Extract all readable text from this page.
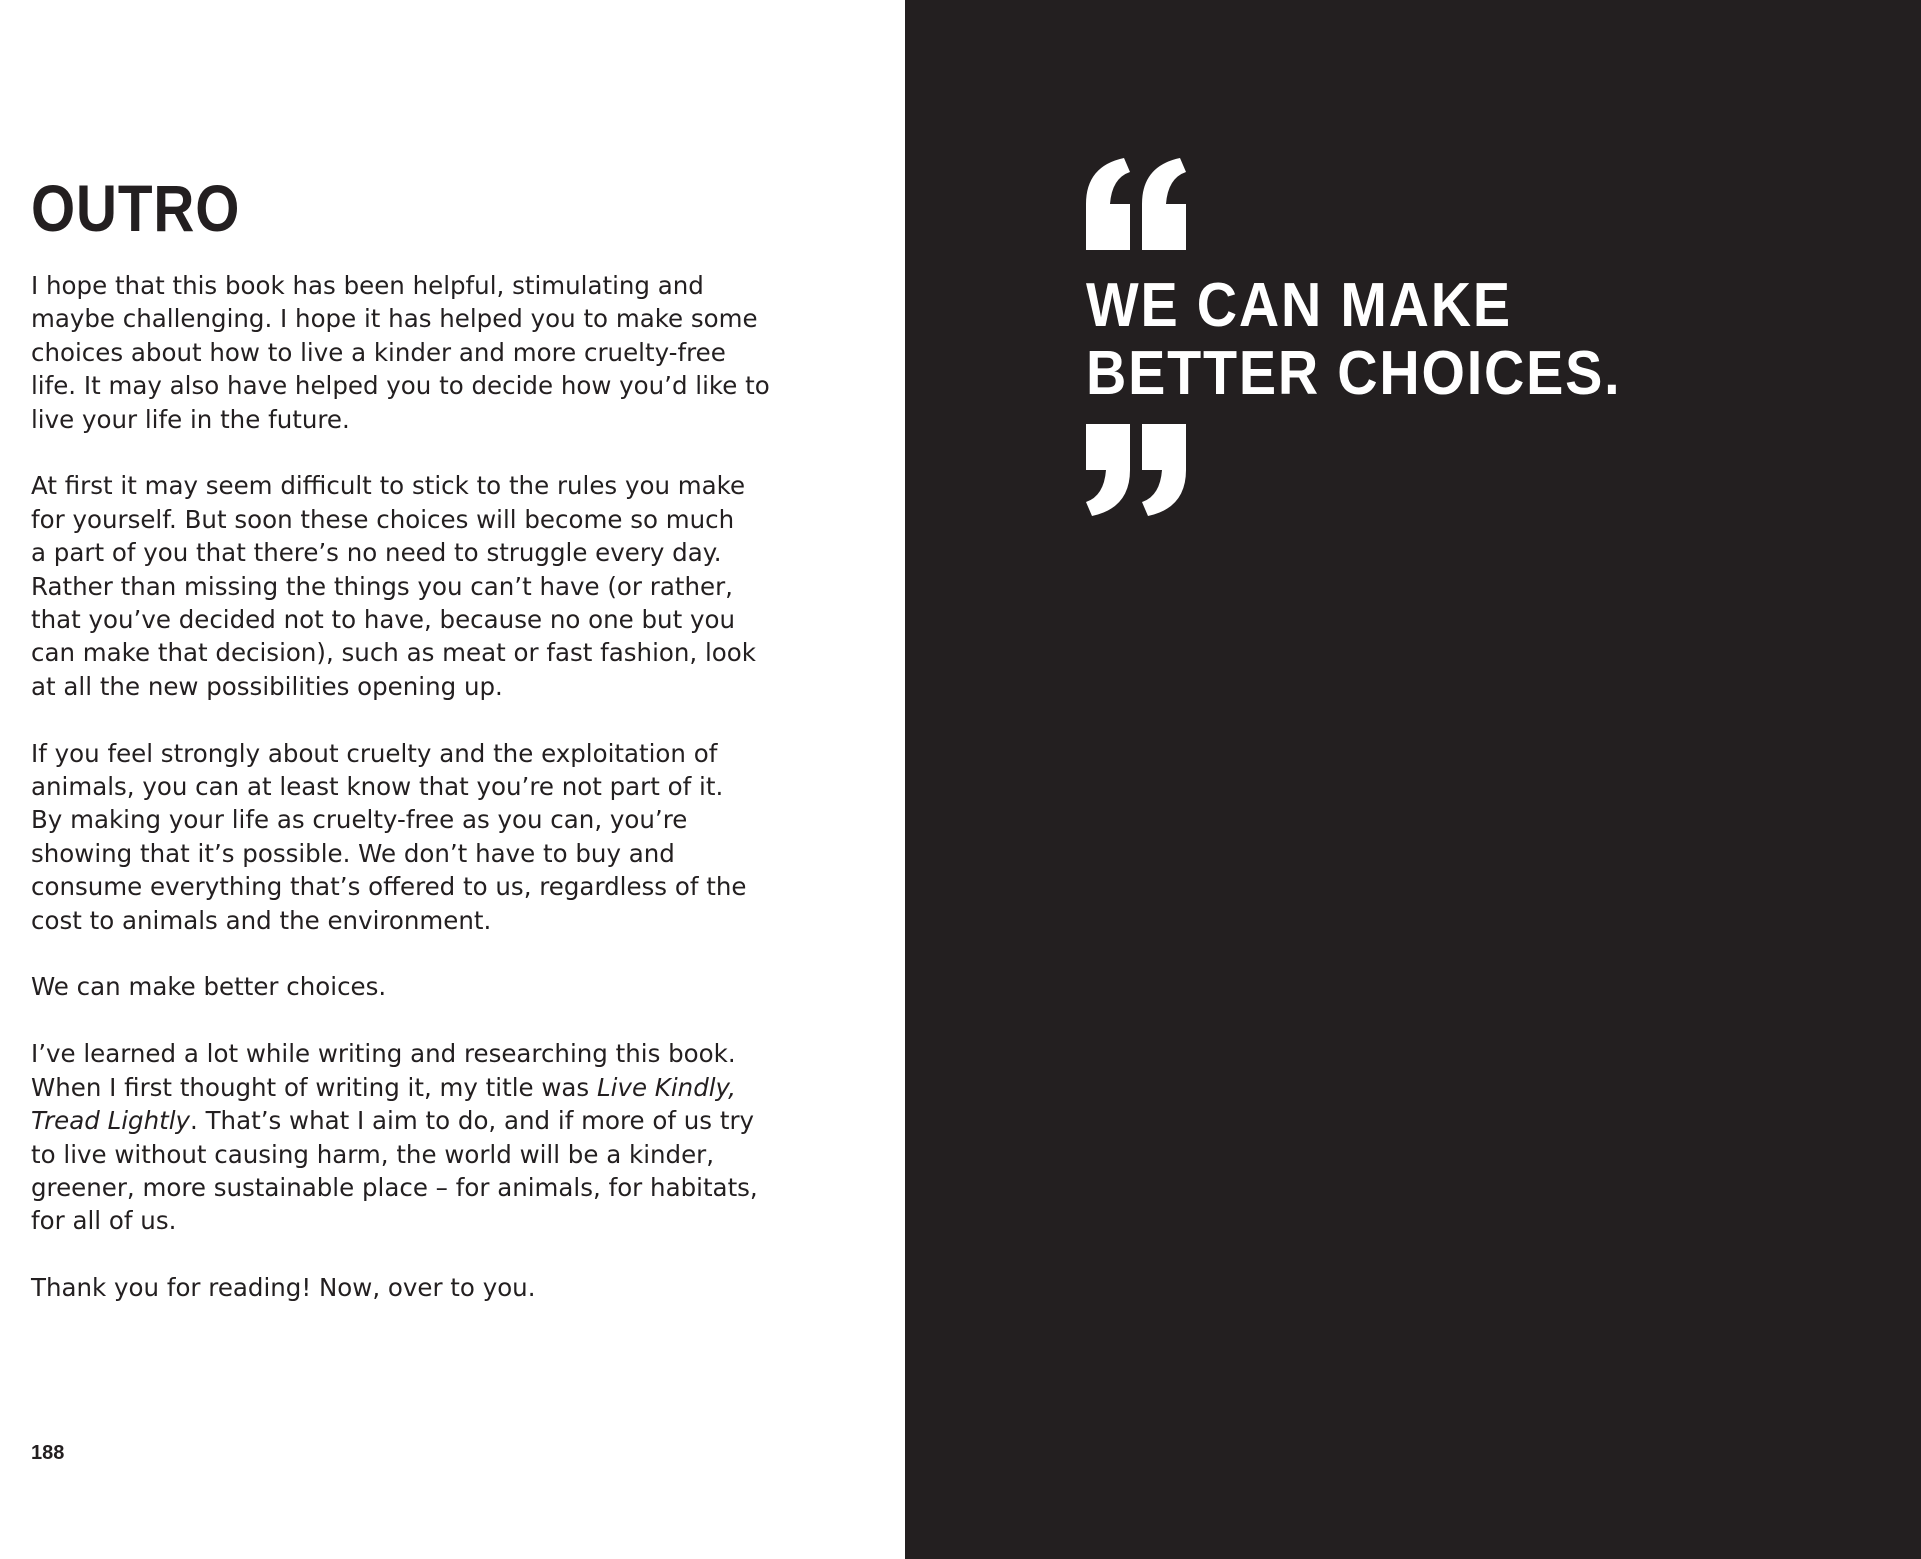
OUTRO

I hope that this book has been helpful, stimulating and
maybe challenging. I hope it has helped you to make some
choices about how to live a kinder and more cruelty-free
life. It may also have helped you to decide how you’d like to
live your life in the future.

At first it may seem difficult to stick to the rules you make
for yourself. But soon these choices will become so much
a part of you that there’s no need to struggle every day.
Rather than missing the things you can’t have (or rather,
that you’ve decided not to have, because no one but you
can make that decision), such as meat or fast fashion, look
at all the new possibilities opening up.

If you feel strongly about cruelty and the exploitation of
animals, you can at least know that you’re not part of it.
By making your life as cruelty-free as you can, you’re
showing that it’s possible. We don’t have to buy and
consume everything that’s offered to us, regardless of the
cost to animals and the environment.

We can make better choices.

I’ve learned a lot while writing and researching this book.
When I first thought of writing it, my title was Live Kindly,
Tread Lightly. That’s what I aim to do, and if more of us try
to live without causing harm, the world will be a kinder,
greener, more sustainable place – for animals, for habitats,
for all of us.

Thank you for reading! Now, over to you.

188
WE CAN MAKE
BETTER CHOICES.
